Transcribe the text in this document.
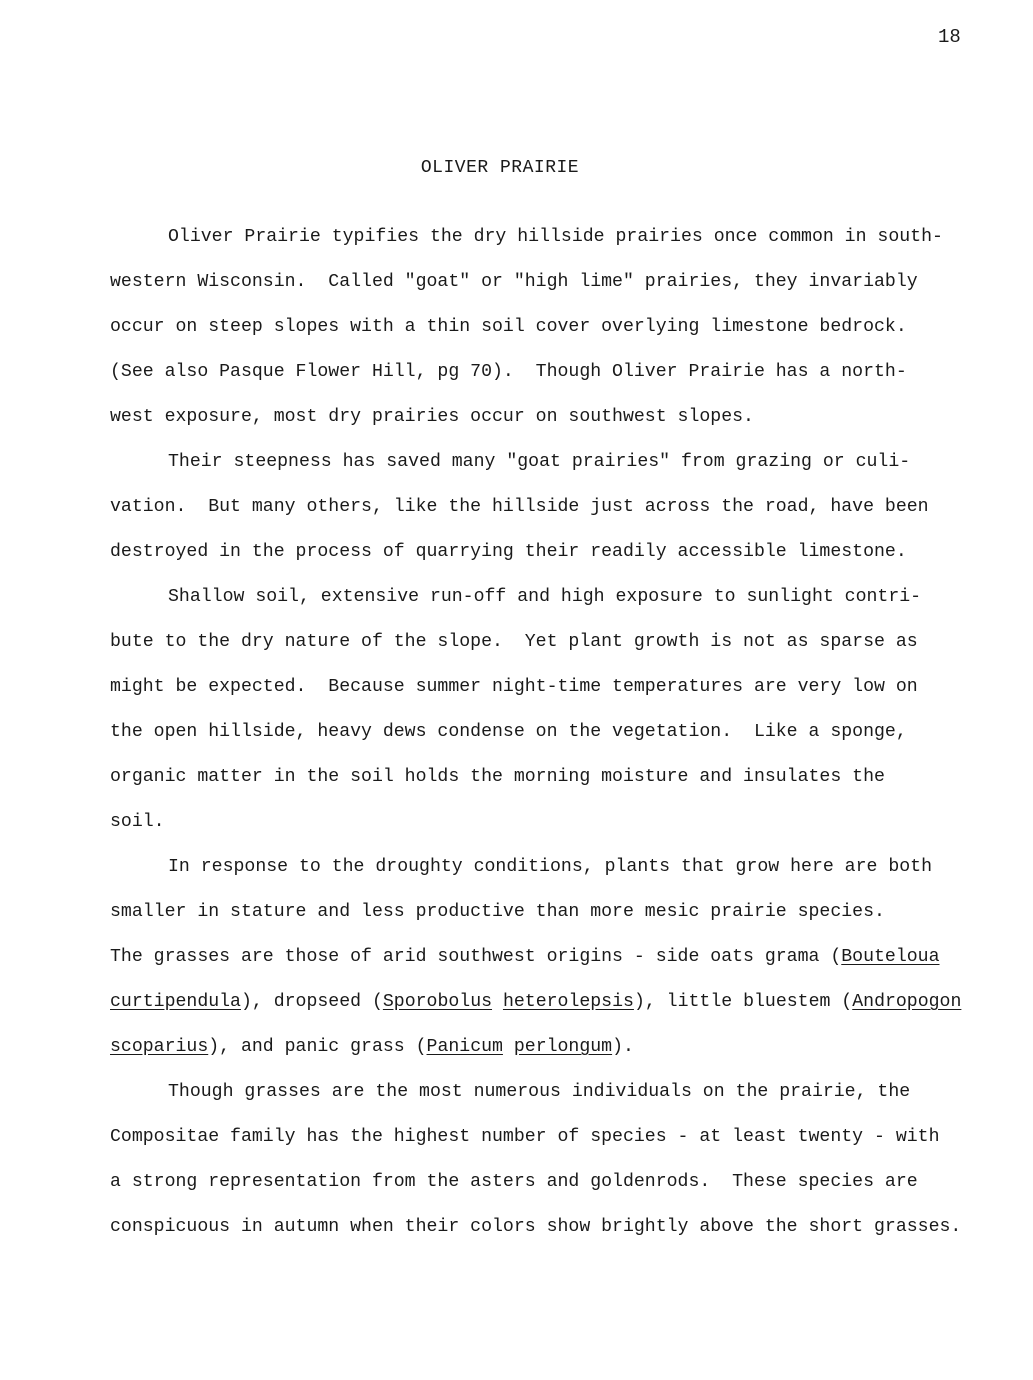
18
OLIVER PRAIRIE
Oliver Prairie typifies the dry hillside prairies once common in south-
western Wisconsin.  Called "goat" or "high lime" prairies, they invariably
occur on steep slopes with a thin soil cover overlying limestone bedrock.
(See also Pasque Flower Hill, pg 70).  Though Oliver Prairie has a north-
west exposure, most dry prairies occur on southwest slopes.
Their steepness has saved many "goat prairies" from grazing or culi-
vation.  But many others, like the hillside just across the road, have been
destroyed in the process of quarrying their readily accessible limestone.
Shallow soil, extensive run-off and high exposure to sunlight contri-
bute to the dry nature of the slope.  Yet plant growth is not as sparse as
might be expected.  Because summer night-time temperatures are very low on
the open hillside, heavy dews condense on the vegetation.  Like a sponge,
organic matter in the soil holds the morning moisture and insulates the
soil.
In response to the droughty conditions, plants that grow here are both
smaller in stature and less productive than more mesic prairie species.
The grasses are those of arid southwest origins - side oats grama (Bouteloua
curtipendula), dropseed (Sporobolus heterolepsis), little bluestem (Andropogon
scoparius), and panic grass (Panicum perlongum).
Though grasses are the most numerous individuals on the prairie, the
Compositae family has the highest number of species - at least twenty - with
a strong representation from the asters and goldenrods.  These species are
conspicuous in autumn when their colors show brightly above the short grasses.
